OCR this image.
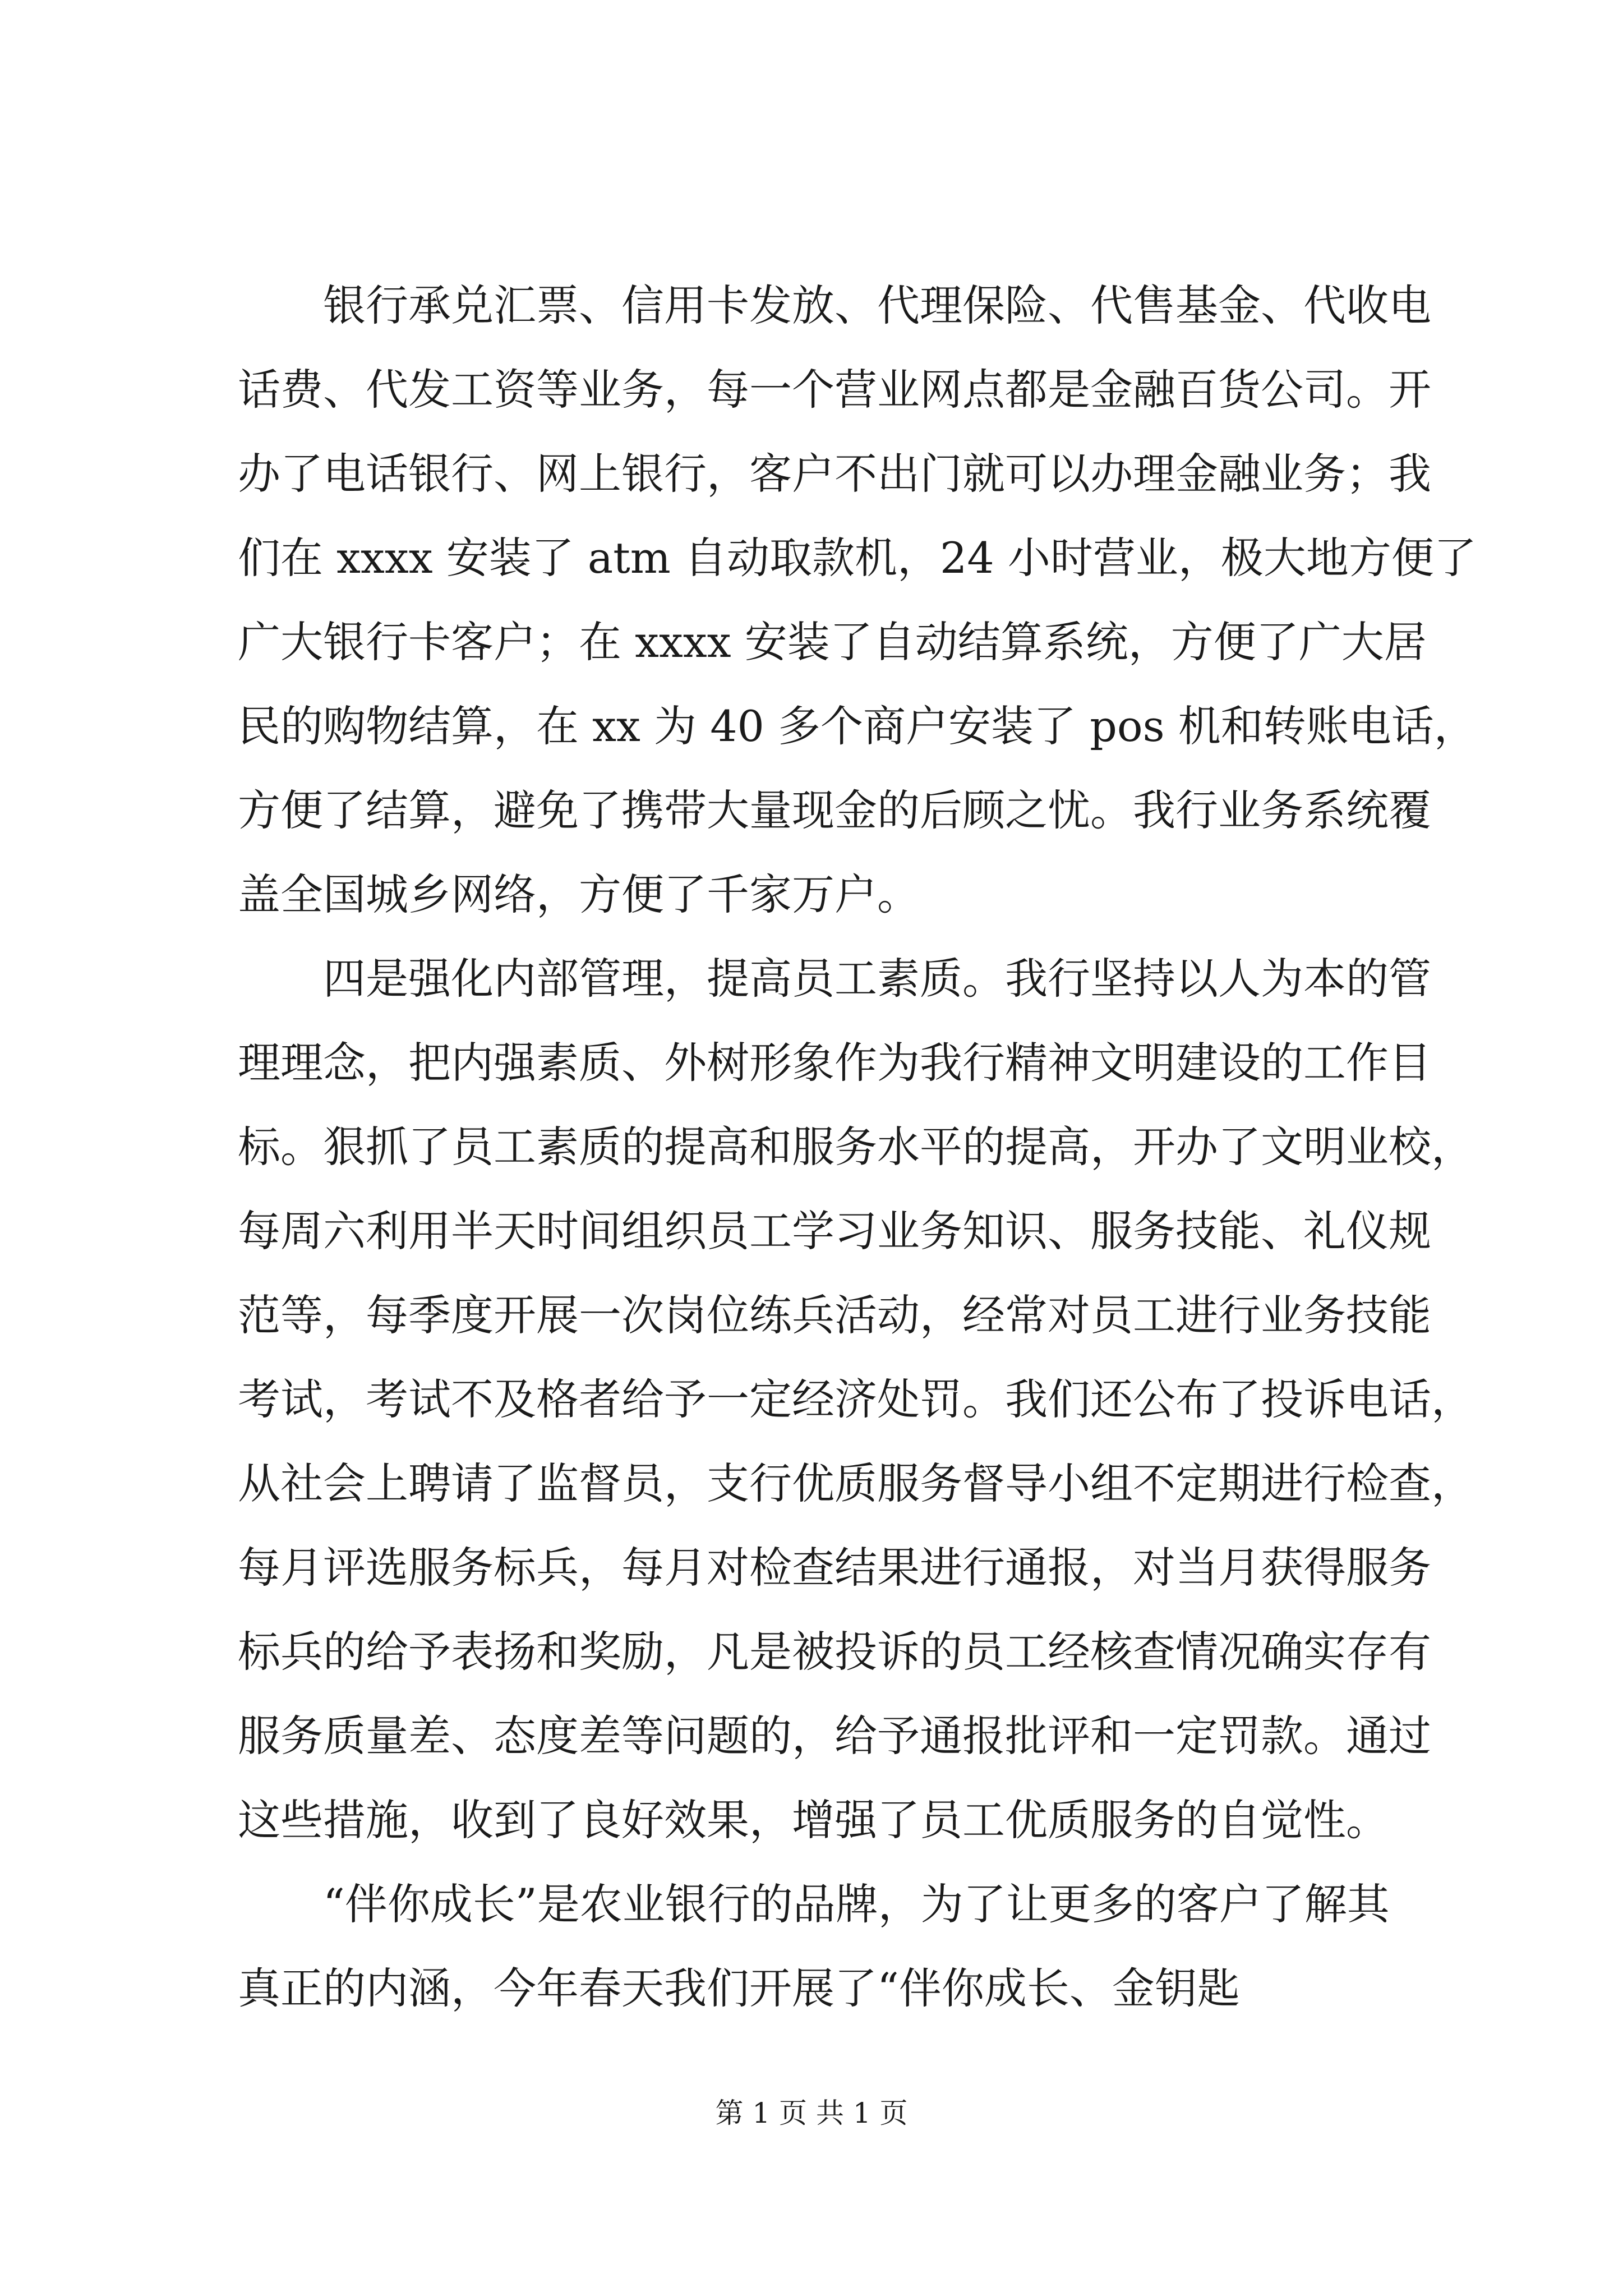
银行承兑汇票、信用卡发放、代理保险、代售基金、代收电
话费、代发工资等业务，每一个营业网点都是金融百货公司。开
办了电话银行、网上银行，客户不出门就可以办理金融业务；我
们在 xxxx 安装了 atm 自动取款机，24 小时营业，极大地方便了
广大银行卡客户；在 xxxx 安装了自动结算系统，方便了广大居
民的购物结算，在 xx 为 40 多个商户安装了 pos 机和转账电话，
方便了结算，避免了携带大量现金的后顾之忧。我行业务系统覆
盖全国城乡网络，方便了千家万户。
四是强化内部管理，提高员工素质。我行坚持以人为本的管
理理念，把内强素质、外树形象作为我行精神文明建设的工作目
标。狠抓了员工素质的提高和服务水平的提高，开办了文明业校，
每周六利用半天时间组织员工学习业务知识、服务技能、礼仪规
范等，每季度开展一次岗位练兵活动，经常对员工进行业务技能
考试，考试不及格者给予一定经济处罚。我们还公布了投诉电话，
从社会上聘请了监督员，支行优质服务督导小组不定期进行检查，
每月评选服务标兵，每月对检查结果进行通报，对当月获得服务
标兵的给予表扬和奖励，凡是被投诉的员工经核查情况确实存有
服务质量差、态度差等问题的，给予通报批评和一定罚款。通过
这些措施，收到了良好效果，增强了员工优质服务的自觉性。
“伴你成长”是农业银行的品牌，为了让更多的客户了解其
真正的内涵，今年春天我们开展了“伴你成长、金钥匙
第 1 页 共 1 页
